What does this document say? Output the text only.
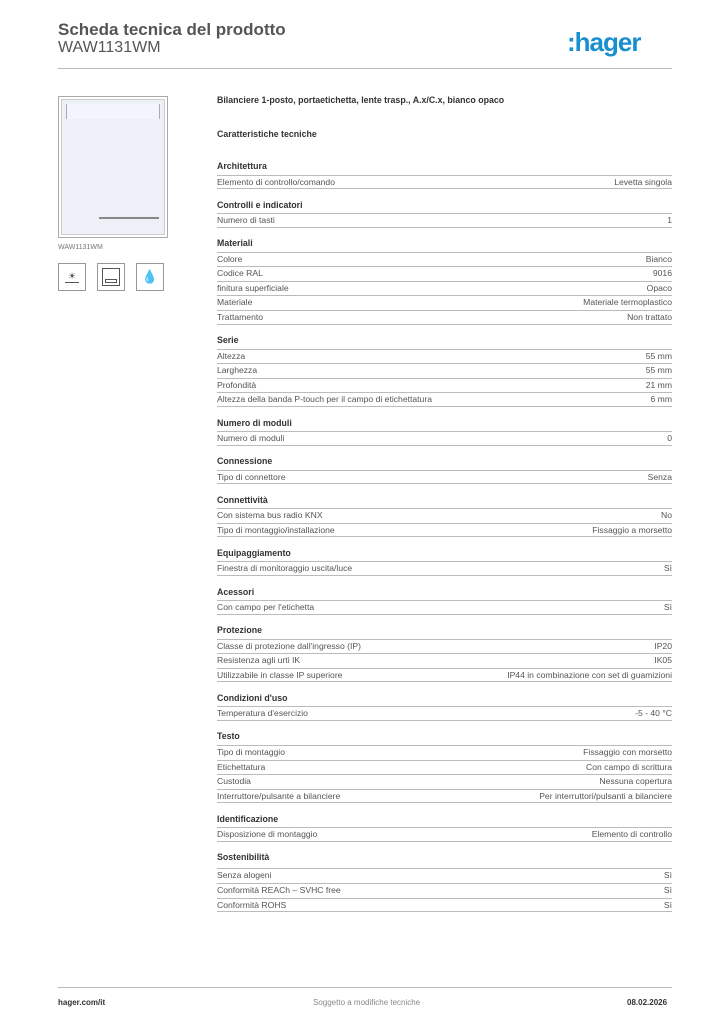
Scheda tecnica del prodotto
WAW1131WM	:hager
WAW1131WM
☀	💧
Bilanciere 1-posto, portaetichetta, lente trasp., A.x/C.x, bianco opaco
Caratteristiche tecniche
Architettura
Elemento di controllo/comando	Levetta singola
Controlli e indicatori
Numero di tasti	1
Materiali
Colore	Bianco
Codice RAL	9016
finitura superficiale	Opaco
Materiale	Materiale termoplastico
Trattamento	Non trattato
Serie
Altezza	55 mm
Larghezza	55 mm
Profondità	21 mm
Altezza della banda P-touch per il campo di etichettatura	6 mm
Numero di moduli
Numero di moduli	0
Connessione
Tipo di connettore	Senza
Connettività
Con sistema bus radio KNX	No
Tipo di montaggio/installazione	Fissaggio a morsetto
Equipaggiamento
Finestra di monitoraggio uscita/luce	Sì
Acessori
Con campo per l'etichetta	Sì
Protezione
Classe di protezione dall'ingresso (IP)	IP20
Resistenza agli urti IK	IK05
Utilizzabile in classe IP superiore	IP44 in combinazione con set di guamizioni
Condizioni d'uso
Temperatura d'esercizio	-5 - 40 °C
Testo
Tipo di montaggio	Fissaggio con morsetto
Etichettatura	Con campo di scrittura
Custodia	Nessuna copertura
Interruttore/pulsante a bilanciere	Per interruttori/pulsanti a bilanciere
Identificazione
Disposizione di montaggio	Elemento di controllo
Sostenibilità
Senza alogeni	Sì
Conformità REACh – SVHC free	Sì
Conformità ROHS	Sì
hager.com/it	Soggetto a modifiche tecniche	08.02.2026
